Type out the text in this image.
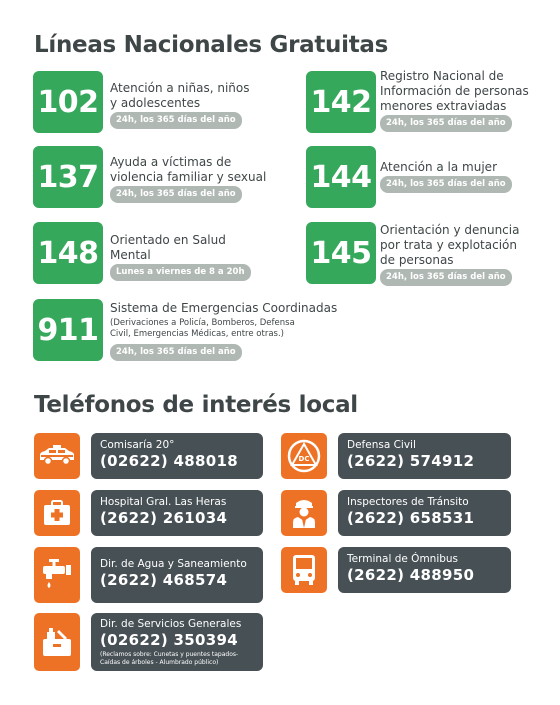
Líneas Nacionales Gratuitas
102 Atención a niñas, niños
y adolescentes
24h, los 365 días del año
142
Registro Nacional de
Información de personas
menores extraviadas
24h, los 365 días del año
137 Ayuda a víctimas de
violencia familiar y sexual
24h, los 365 días del año	144 Atención a la mujer
24h, los 365 días del año
148 Orientado en Salud
Mental
Lunes a viernes de 8 a 20h
145
Orientación y denuncia
por trata y explotación
de personas
24h, los 365 días del año
911
Sistema de Emergencias Coordinadas
(Derivaciones a Policía, Bomberos, Defensa
Civil, Emergencias Médicas, entre otras.)
24h, los 365 días del año
Teléfonos de interés local
Comisaría 20°
(02622) 488018	DC
Defensa Civil
(2622) 574912
Hospital Gral. Las Heras
(2622) 261034
Inspectores de Tránsito
(2622) 658531
Dir. de Agua y Saneamiento
(2622) 468574
Terminal de Ómnibus
(2622) 488950
Dir. de Servicios Generales
(02622) 350394
(Reclamos sobre: Cunetas y puentes tapados-
Caídas de árboles - Alumbrado público)
